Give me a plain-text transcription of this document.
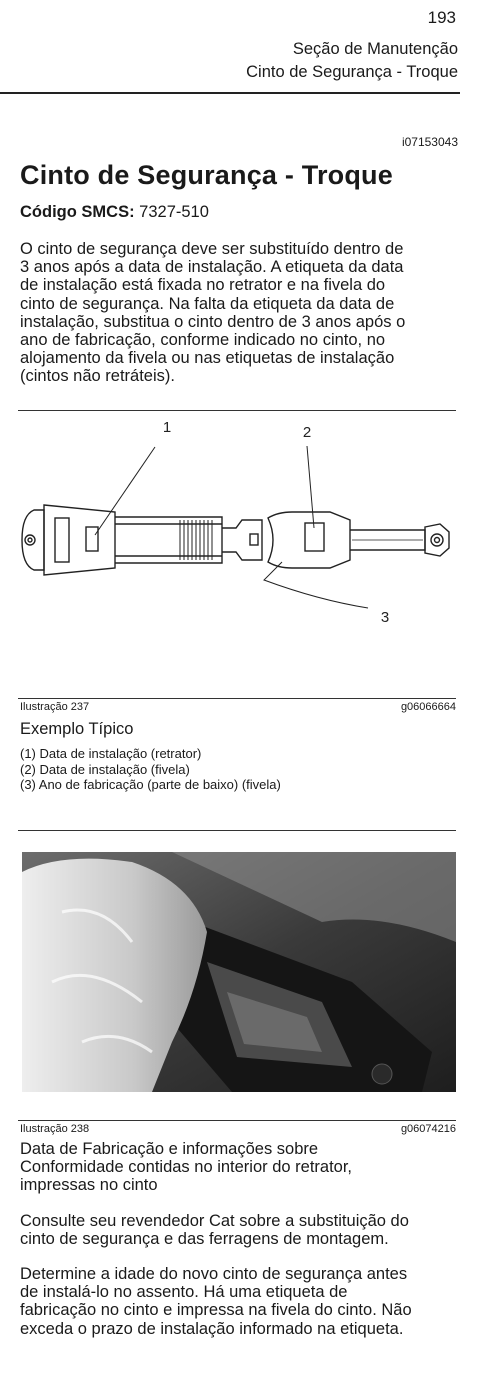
193
Seção de Manutenção
Cinto de Segurança - Troque
i07153043
Cinto de Segurança - Troque
Código SMCS: 7327-510
O cinto de segurança deve ser substituído dentro de
3 anos após a data de instalação. A etiqueta da data
de instalação está fixada no retrator e na fivela do
cinto de segurança. Na falta da etiqueta da data de
instalação, substitua o cinto dentro de 3 anos após o
ano de fabricação, conforme indicado no cinto, no
alojamento da fivela ou nas etiquetas de instalação
(cintos não retráteis).
1	2
3
Ilustração 237	g06066664
Exemplo Típico
(1) Data de instalação (retrator)
(2) Data de instalação (fivela)
(3) Ano de fabricação (parte de baixo) (fivela)
Ilustração 238	g06074216
Data de Fabricação e informações sobre
Conformidade contidas no interior do retrator,
impressas no cinto
Consulte seu revendedor Cat sobre a substituição do
cinto de segurança e das ferragens de montagem.
Determine a idade do novo cinto de segurança antes
de instalá-lo no assento. Há uma etiqueta de
fabricação no cinto e impressa na fivela do cinto. Não
exceda o prazo de instalação informado na etiqueta.
